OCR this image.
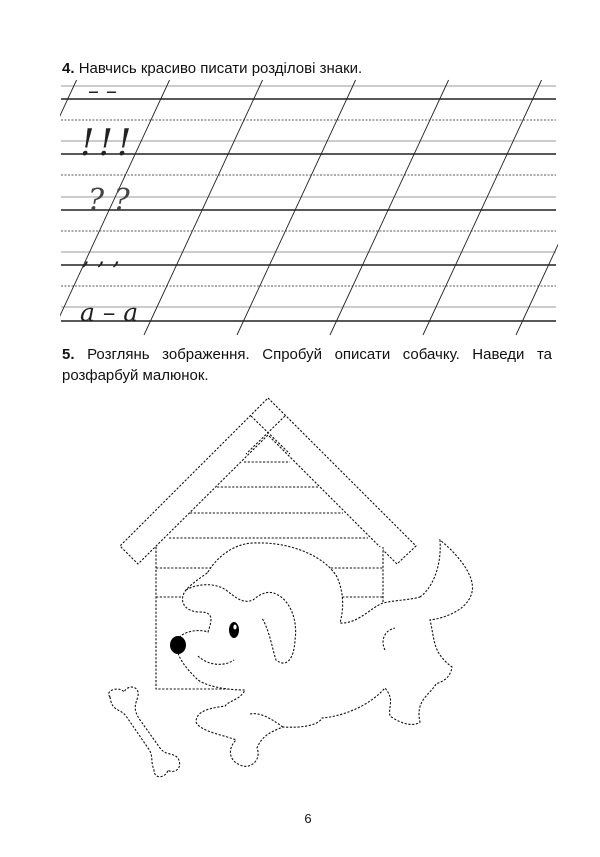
4. Навчись красиво писати розділові знаки.
– –
!!!
? ?
, , ,
a – a
5. Розглянь зображення. Спробуй описати собачку. Наведи та розфарбуй малюнок.
6
